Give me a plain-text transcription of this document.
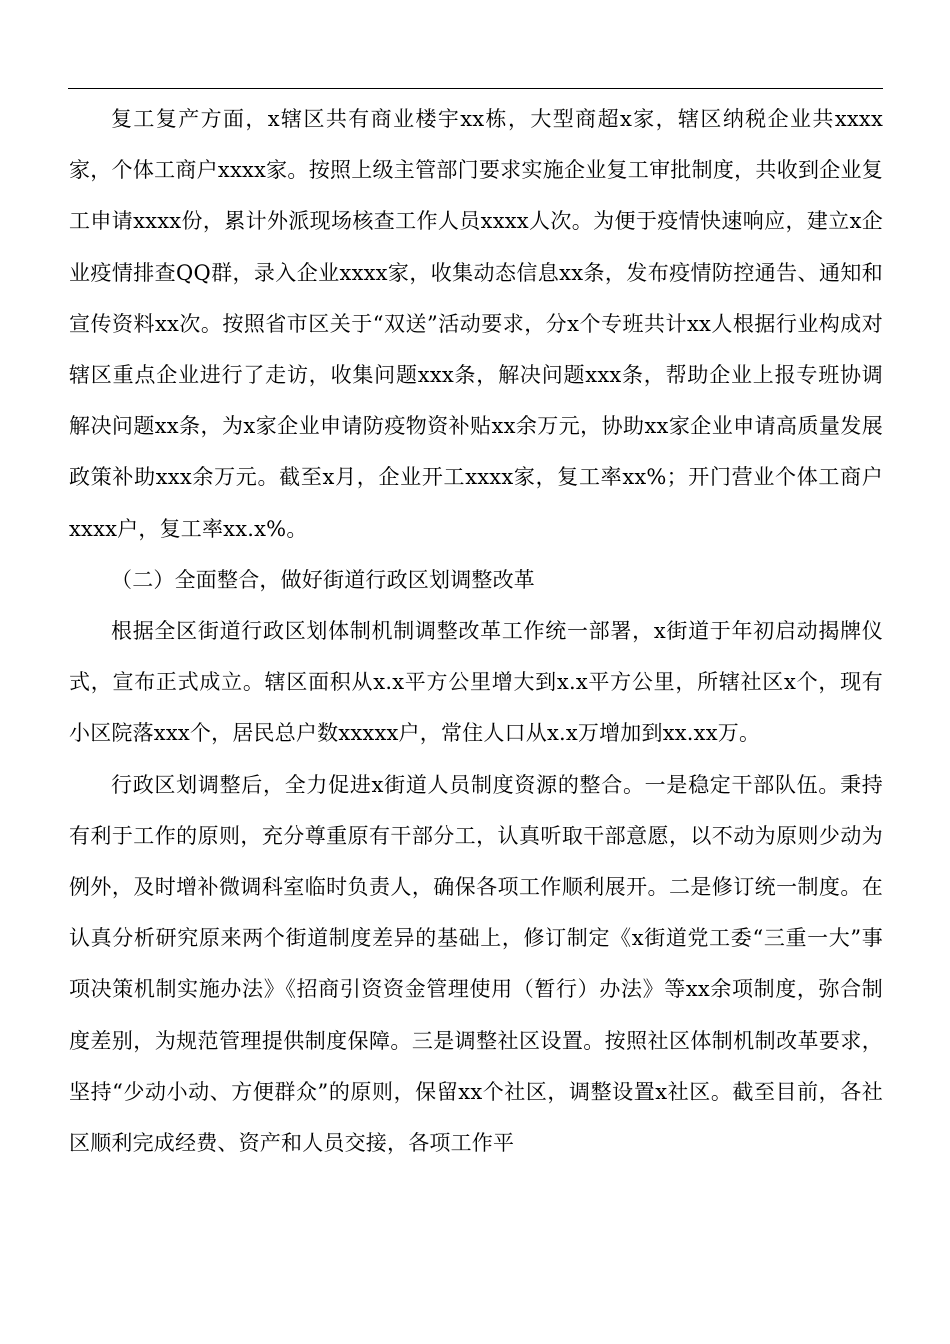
复工复产方面，x辖区共有商业楼宇xx栋，大型商超x家，辖区纳税企业共xxxx家，个体工商户xxxx家。按照上级主管部门要求实施企业复工审批制度，共收到企业复工申请xxxx份，累计外派现场核查工作人员xxxx人次。为便于疫情快速响应，建立x企业疫情排查QQ群，录入企业xxxx家，收集动态信息xx条，发布疫情防控通告、通知和宣传资料xx次。按照省市区关于“双送”活动要求，分x个专班共计xx人根据行业构成对辖区重点企业进行了走访，收集问题xxx条，解决问题xxx条，帮助企业上报专班协调解决问题xx条，为x家企业申请防疫物资补贴xx余万元，协助xx家企业申请高质量发展政策补助xxx余万元。截至x月，企业开工xxxx家，复工率xx%；开门营业个体工商户xxxx户，复工率xx.x%。

（二）全面整合，做好街道行政区划调整改革

根据全区街道行政区划体制机制调整改革工作统一部署，x街道于年初启动揭牌仪式，宣布正式成立。辖区面积从x.x平方公里增大到x.x平方公里，所辖社区x个，现有小区院落xxx个，居民总户数xxxxx户，常住人口从x.x万增加到xx.xx万。

行政区划调整后，全力促进x街道人员制度资源的整合。一是稳定干部队伍。秉持有利于工作的原则，充分尊重原有干部分工，认真听取干部意愿，以不动为原则少动为例外，及时增补微调科室临时负责人，确保各项工作顺利展开。二是修订统一制度。在认真分析研究原来两个街道制度差异的基础上，修订制定《x街道党工委“三重一大”事项决策机制实施办法》《招商引资资金管理使用（暂行）办法》等xx余项制度，弥合制度差别，为规范管理提供制度保障。三是调整社区设置。按照社区体制机制改革要求，坚持“少动小动、方便群众”的原则，保留xx个社区，调整设置x社区。截至目前，各社区顺利完成经费、资产和人员交接，各项工作平
